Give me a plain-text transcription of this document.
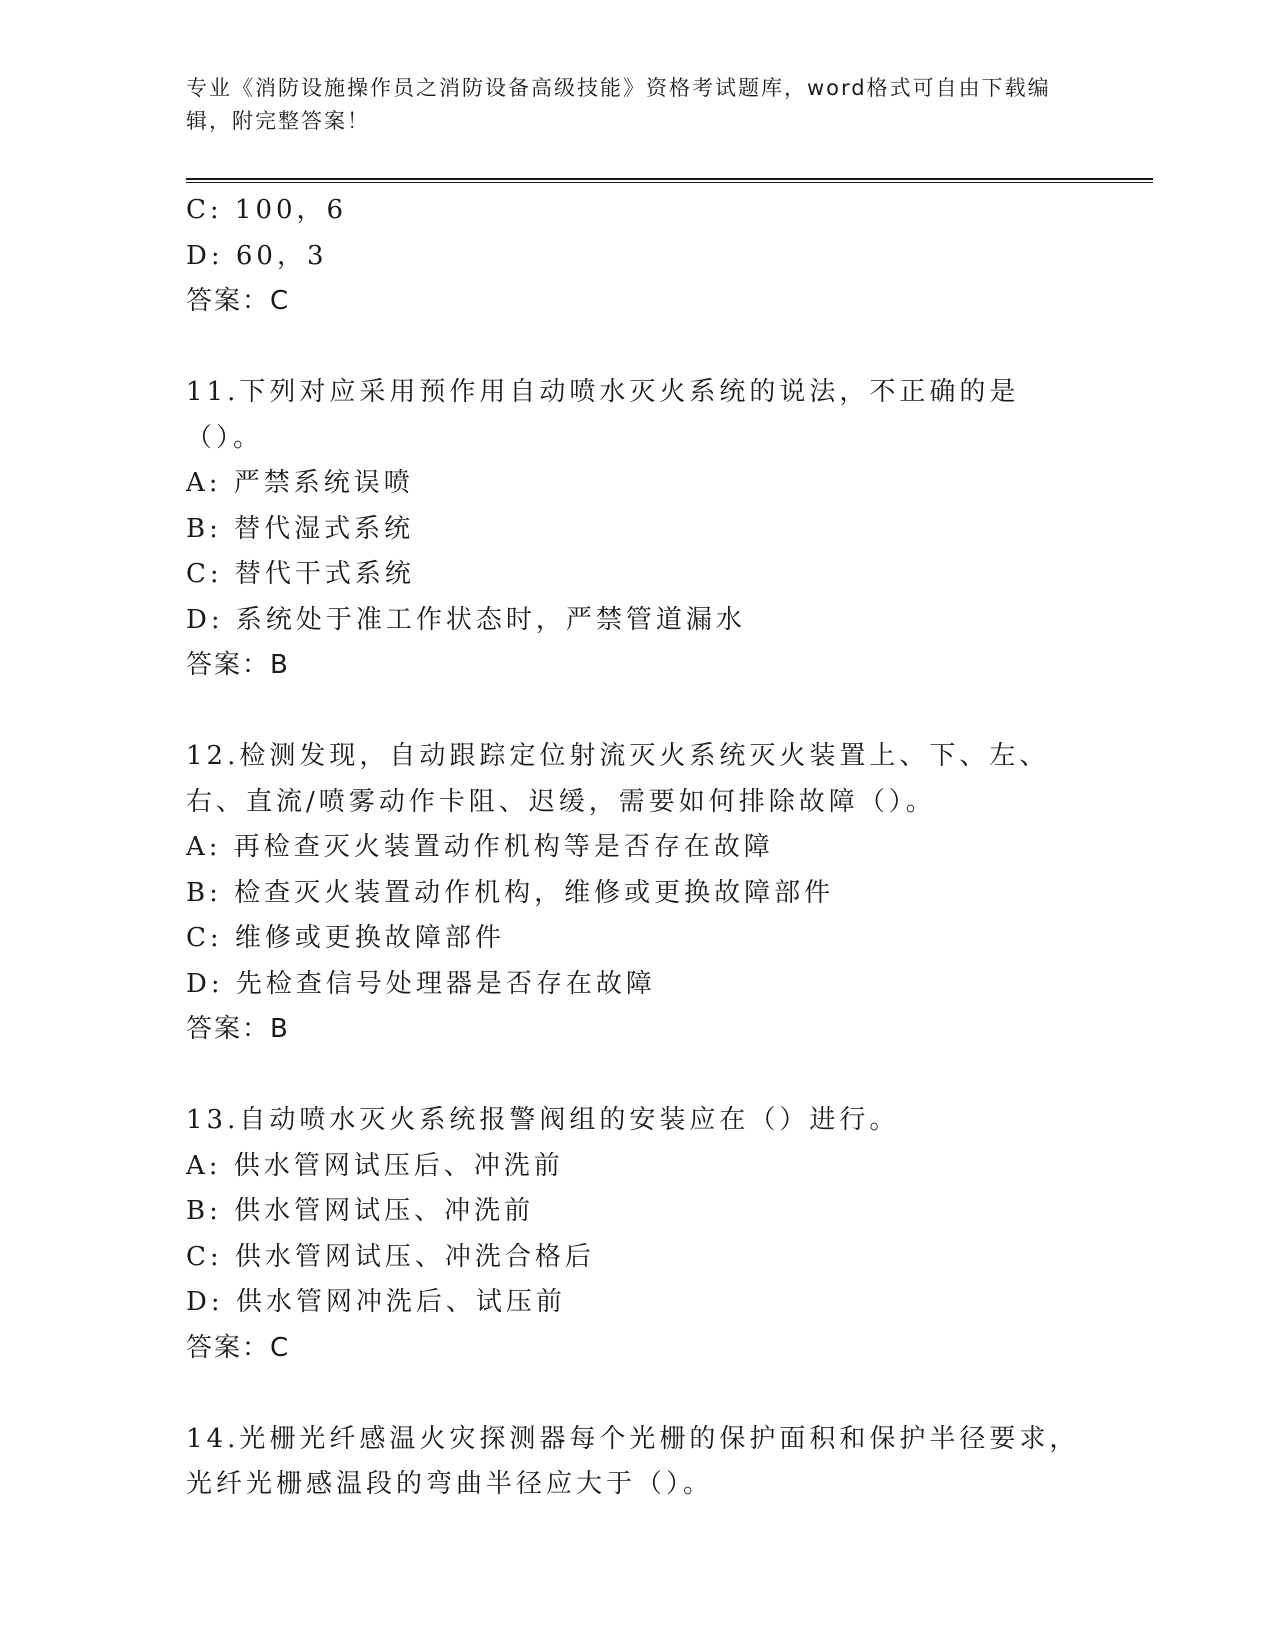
专业《消防设施操作员之消防设备高级技能》资格考试题库，word格式可自由下载编辑，附完整答案！

C: 100，6

D: 60，3

答案：C

11.下列对应采用预作用自动喷水灭火系统的说法，不正确的是（）。

A: 严禁系统误喷

B: 替代湿式系统

C: 替代干式系统

D: 系统处于准工作状态时，严禁管道漏水

答案：B

12.检测发现，自动跟踪定位射流灭火系统灭火装置上、下、左、右、直流/喷雾动作卡阻、迟缓，需要如何排除故障（）。

A: 再检查灭火装置动作机构等是否存在故障

B: 检查灭火装置动作机构，维修或更换故障部件

C: 维修或更换故障部件

D: 先检查信号处理器是否存在故障

答案：B

13.自动喷水灭火系统报警阀组的安装应在（）进行。

A: 供水管网试压后、冲洗前

B: 供水管网试压、冲洗前

C: 供水管网试压、冲洗合格后

D: 供水管网冲洗后、试压前

答案：C

14.光栅光纤感温火灾探测器每个光栅的保护面积和保护半径要求，光纤光栅感温段的弯曲半径应大于（）。
